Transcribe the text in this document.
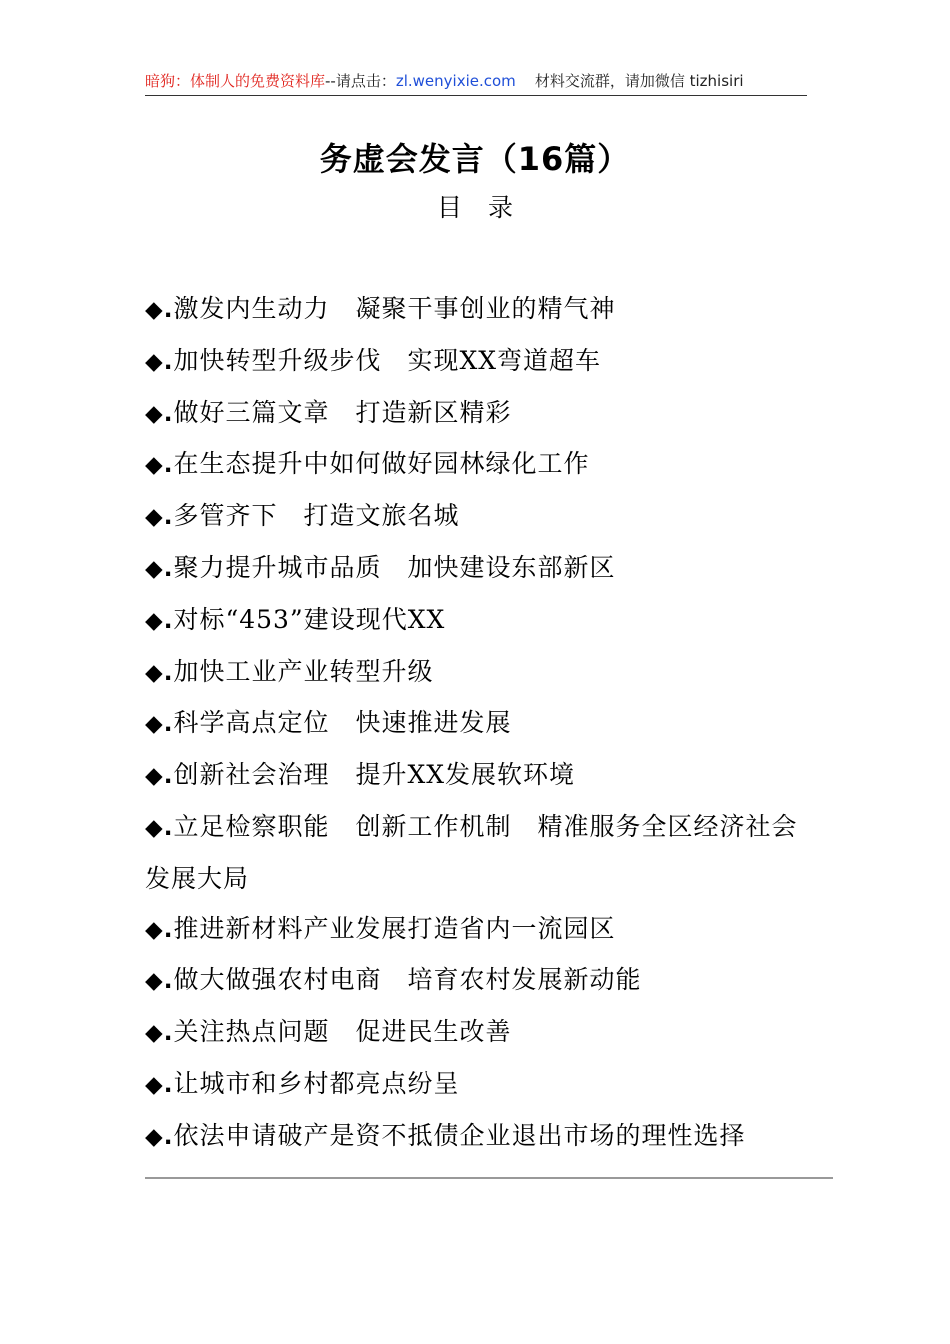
暗狗：体制人的免费资料库--请点击：zl.wenyixie.com    材料交流群，请加微信 tizhisiri
务虚会发言（16篇）
目录
◆.激发内生动力　凝聚干事创业的精气神
◆.加快转型升级步伐　实现XX弯道超车
◆.做好三篇文章　打造新区精彩
◆.在生态提升中如何做好园林绿化工作
◆.多管齐下　打造文旅名城
◆.聚力提升城市品质　加快建设东部新区
◆.对标“453”建设现代XX
◆.加快工业产业转型升级
◆.科学高点定位　快速推进发展
◆.创新社会治理　提升XX发展软环境
◆.立足检察职能　创新工作机制　精准服务全区经济社会发展大局
◆.推进新材料产业发展打造省内一流园区
◆.做大做强农村电商　培育农村发展新动能
◆.关注热点问题　促进民生改善
◆.让城市和乡村都亮点纷呈
◆.依法申请破产是资不抵债企业退出市场的理性选择
